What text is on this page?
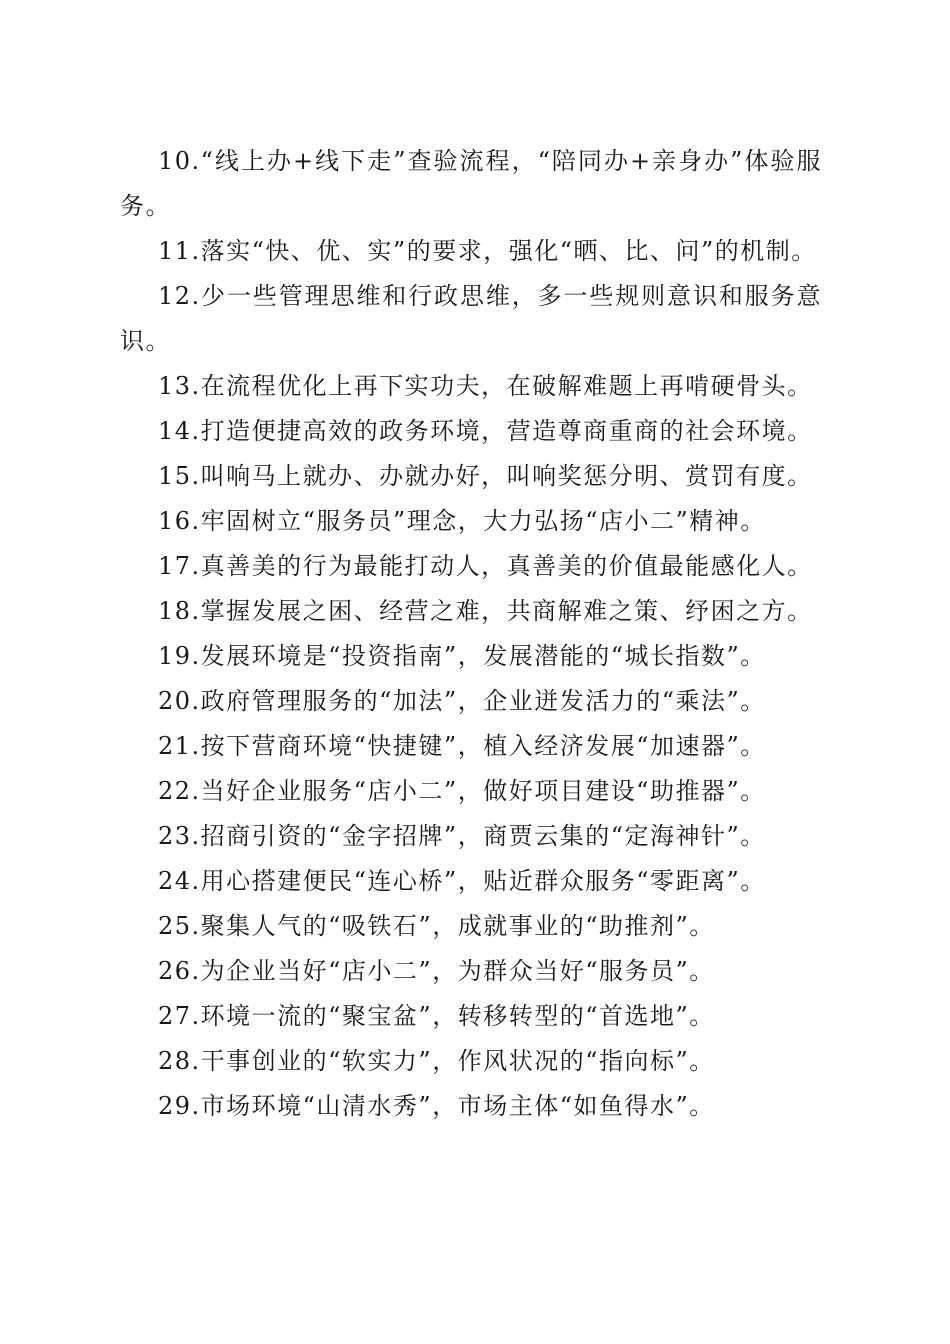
10.“线上办+线下走”查验流程，“陪同办+亲身办”体验服务。

11.落实“快、优、实”的要求，强化“晒、比、问”的机制。

12.少一些管理思维和行政思维，多一些规则意识和服务意识。

13.在流程优化上再下实功夫，在破解难题上再啃硬骨头。

14.打造便捷高效的政务环境，营造尊商重商的社会环境。

15.叫响马上就办、办就办好，叫响奖惩分明、赏罚有度。

16.牢固树立“服务员”理念，大力弘扬“店小二”精神。

17.真善美的行为最能打动人，真善美的价值最能感化人。

18.掌握发展之困、经营之难，共商解难之策、纾困之方。

19.发展环境是“投资指南”，发展潜能的“城长指数”。

20.政府管理服务的“加法”，企业迸发活力的“乘法”。

21.按下营商环境“快捷键”，植入经济发展“加速器”。

22.当好企业服务“店小二”，做好项目建设“助推器”。

23.招商引资的“金字招牌”，商贾云集的“定海神针”。

24.用心搭建便民“连心桥”，贴近群众服务“零距离”。

25.聚集人气的“吸铁石”，成就事业的“助推剂”。

26.为企业当好“店小二”，为群众当好“服务员”。

27.环境一流的“聚宝盆”，转移转型的“首选地”。

28.干事创业的“软实力”，作风状况的“指向标”。

29.市场环境“山清水秀”，市场主体“如鱼得水”。
